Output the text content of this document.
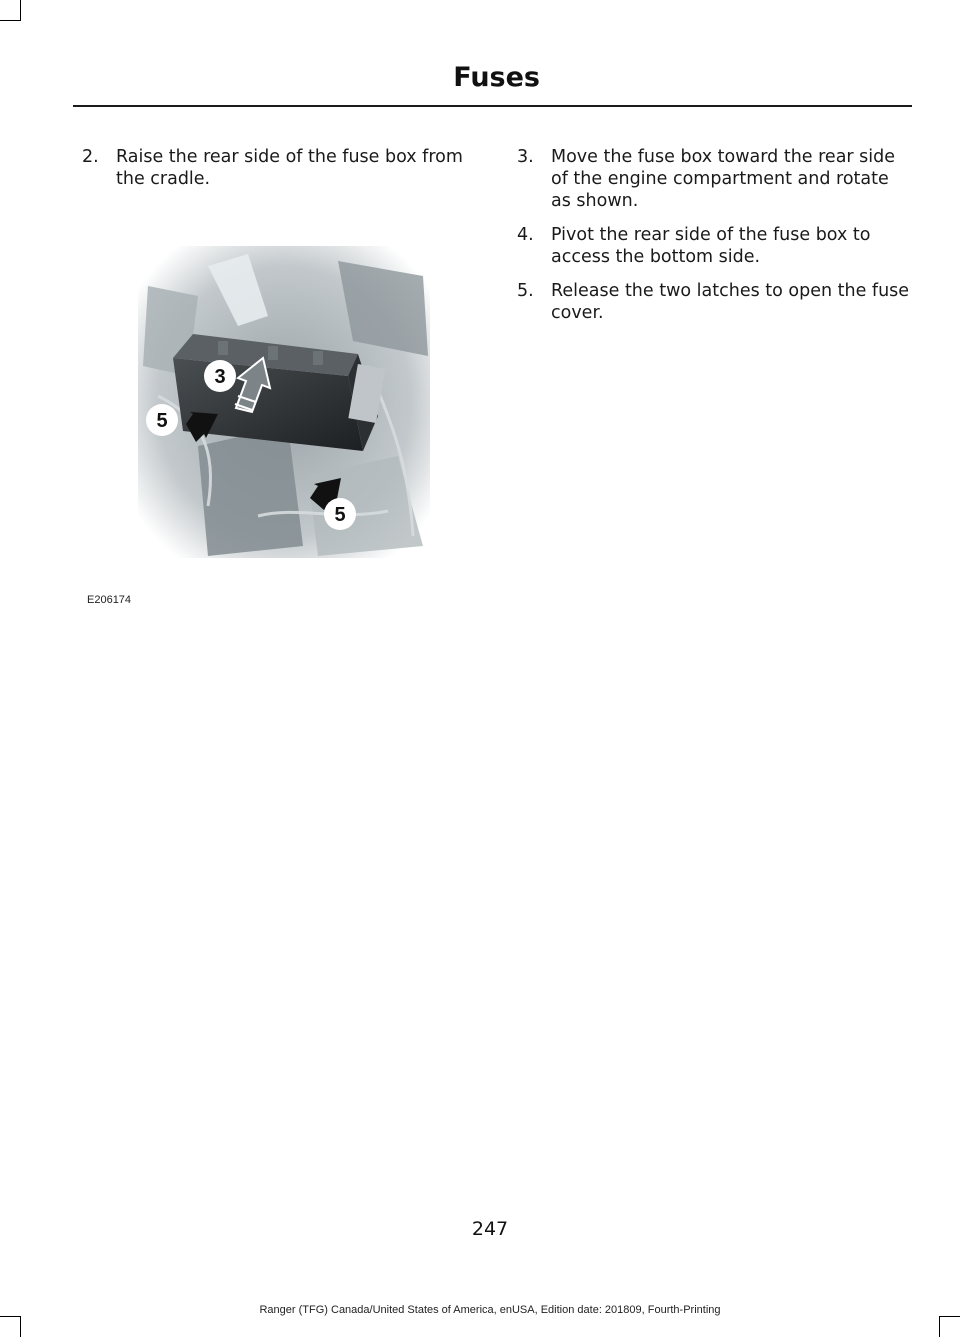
Fuses
2. Raise the rear side of the fuse box from the cradle.
3. Move the fuse box toward the rear side of the engine compartment and rotate as shown.
4. Pivot the rear side of the fuse box to access the bottom side.
5. Release the two latches to open the fuse cover.
3
5
5
E206174
247
Ranger (TFG) Canada/United States of America, enUSA, Edition date: 201809, Fourth-Printing
